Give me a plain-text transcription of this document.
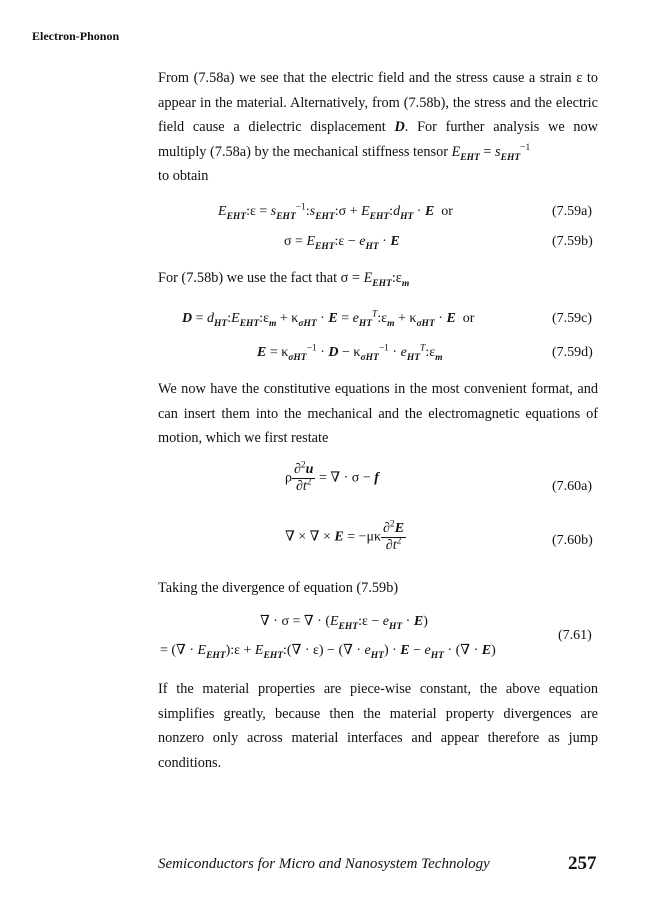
Electron-Phonon

From (7.58a) we see that the electric field and the stress cause a strain ε to appear in the material. Alternatively, from (7.58b), the stress and the electric field cause a dielectric displacement D. For further analysis we now multiply (7.58a) by the mechanical stiffness tensor $E_{EHT} = s_{EHT}^{-1}$
to obtain

$E_{EHT}:\varepsilon$ = $s_{EHT}^{-1}:s_{EHT}:\sigma$ + $E_{EHT}:d_{HT} \cdot E$ or	(7.59a)
$\sigma = E_{EHT}:\varepsilon - e_{HT} \cdot E$	(7.59b)

For (7.58b) we use the fact that $\sigma = E_{EHT}:\varepsilon_m$

$D = d_{HT}:E_{EHT}:\varepsilon_m + \kappa_{\sigma HT} \cdot E$ = $e_{HT}^T:\varepsilon_m + \kappa_{\sigma HT} \cdot E$ or	(7.59c)
$E = \kappa_{\sigma HT}^{-1} \cdot D - \kappa_{\sigma HT}^{-1}$ · $e_{HT}^T:\varepsilon_m$	(7.59d)

We now have the constitutive equations in the most convenient format, and can insert them into the mechanical and the electromagnetic equations of motion, which we first restate

ρ $\frac{\partial^2u}{\partial t^2}$ = ∇ · σ − f
(7.60a)
∇ × ∇ × $E = -\mu\kappa \frac{\partial^2E}{\partial t^2}$	(7.60b)

Taking the divergence of equation (7.59b)

∇ · σ = ∇ · $(E_{EHT}:\varepsilon - e_{HT} \cdot E)$
= (∇ · $E_{EHT}):\varepsilon$ + $E_{EHT}:(\nabla \cdot \varepsilon)$ − (∇ · $e_{HT}) \cdot E - e_{HT}$ · (∇ · E)
(7.61)

If the material properties are piece-wise constant, the above equation simplifies greatly, because then the material property divergences are nonzero only across material interfaces and appear therefore as jump conditions.

Semiconductors for Micro and Nanosystem Technology	257
